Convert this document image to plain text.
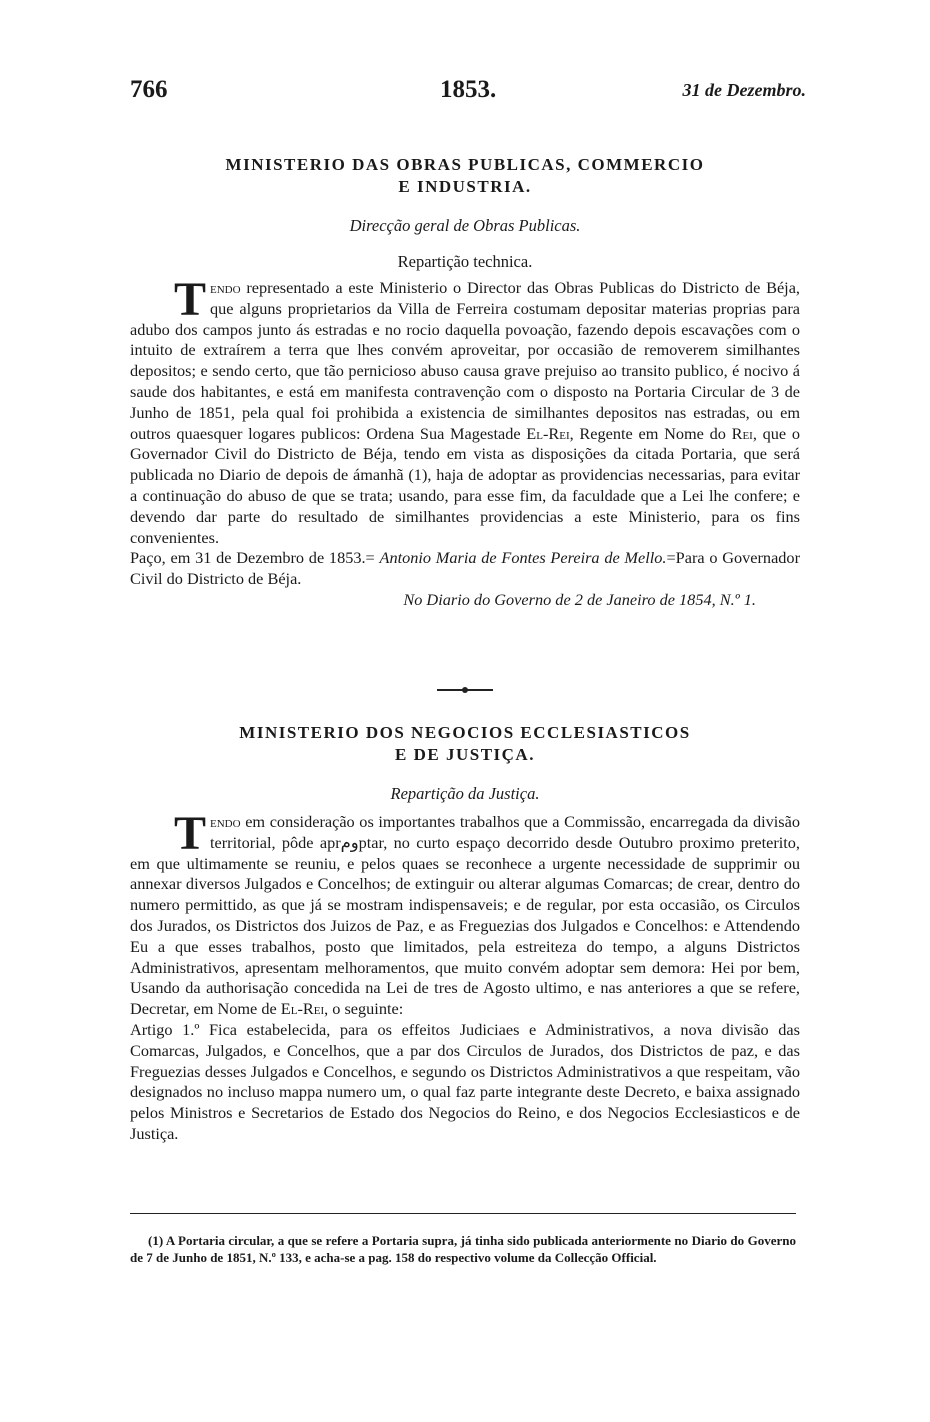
766	1853.	31 de Dezembro.

MINISTERIO DAS OBRAS PUBLICAS, COMMERCIO

E INDUSTRIA.

Direcção geral de Obras Publicas.

Repartição technica.

Tendo representado a este Ministerio o Director das Obras Publicas do Districto de Béja, que alguns proprietarios da Villa de Ferreira costumam depositar materias proprias para adubo dos campos junto ás estradas e no rocio daquella povoação, fazendo depois escavações com o intuito de extraírem a terra que lhes convém aproveitar, por occasião de removerem similhantes depositos; e sendo certo, que tão pernicioso abuso causa grave prejuiso ao transito publico, é nocivo á saude dos habitantes, e está em manifesta contravenção com o disposto na Portaria Circular de 3 de Junho de 1851, pela qual foi prohibida a existencia de similhantes depositos nas estradas, ou em outros quaesquer logares publicos: Ordena Sua Magestade El-Rei, Regente em Nome do Rei, que o Governador Civil do Districto de Béja, tendo em vista as disposições da citada Portaria, que será publicada no Diario de depois de ámanhã (1), haja de adoptar as providencias necessarias, para evitar a continuação do abuso de que se trata; usando, para esse fim, da faculdade que a Lei lhe confere; e devendo dar parte do resultado de similhantes providencias a este Ministerio, para os fins convenientes.

Paço, em 31 de Dezembro de 1853.= Antonio Maria de Fontes Pereira de Mello.=Para o Governador Civil do Districto de Béja.

No Diario do Governo de 2 de Janeiro de 1854, N.º 1.

MINISTERIO DOS NEGOCIOS ECCLESIASTICOS

E DE JUSTIÇA.

Repartição da Justiça.

Tendo em consideração os importantes trabalhos que a Commissão, encarregada da divisão territorial, pôde aprومptar, no curto espaço decorrido desde Outubro proximo preterito, em que ultimamente se reuniu, e pelos quaes se reconhece a urgente necessidade de supprimir ou annexar diversos Julgados e Concelhos; de extinguir ou alterar algumas Comarcas; de crear, dentro do numero permittido, as que já se mostram indispensaveis; e de regular, por esta occasião, os Circulos dos Jurados, os Districtos dos Juizos de Paz, e as Freguezias dos Julgados e Concelhos: e Attendendo Eu a que esses trabalhos, posto que limitados, pela estreiteza do tempo, a alguns Districtos Administrativos, apresentam melhoramentos, que muito convém adoptar sem demora: Hei por bem, Usando da authorisação concedida na Lei de tres de Agosto ultimo, e nas anteriores a que se refere, Decretar, em Nome de El-Rei, o seguinte:

Artigo 1.º Fica estabelecida, para os effeitos Judiciaes e Administrativos, a nova divisão das Comarcas, Julgados, e Concelhos, que a par dos Circulos de Jurados, dos Districtos de paz, e das Freguezias desses Julgados e Concelhos, e segundo os Districtos Administrativos a que respeitam, vão designados no incluso mappa numero um, o qual faz parte integrante deste Decreto, e baixa assignado pelos Ministros e Secretarios de Estado dos Negocios do Reino, e dos Negocios Ecclesiasticos e de Justiça.

(1) A Portaria circular, a que se refere a Portaria supra, já tinha sido publicada anteriormente no Diario do Governo de 7 de Junho de 1851, N.º 133, e acha-se a pag. 158 do respectivo volume da Collecção Official.
